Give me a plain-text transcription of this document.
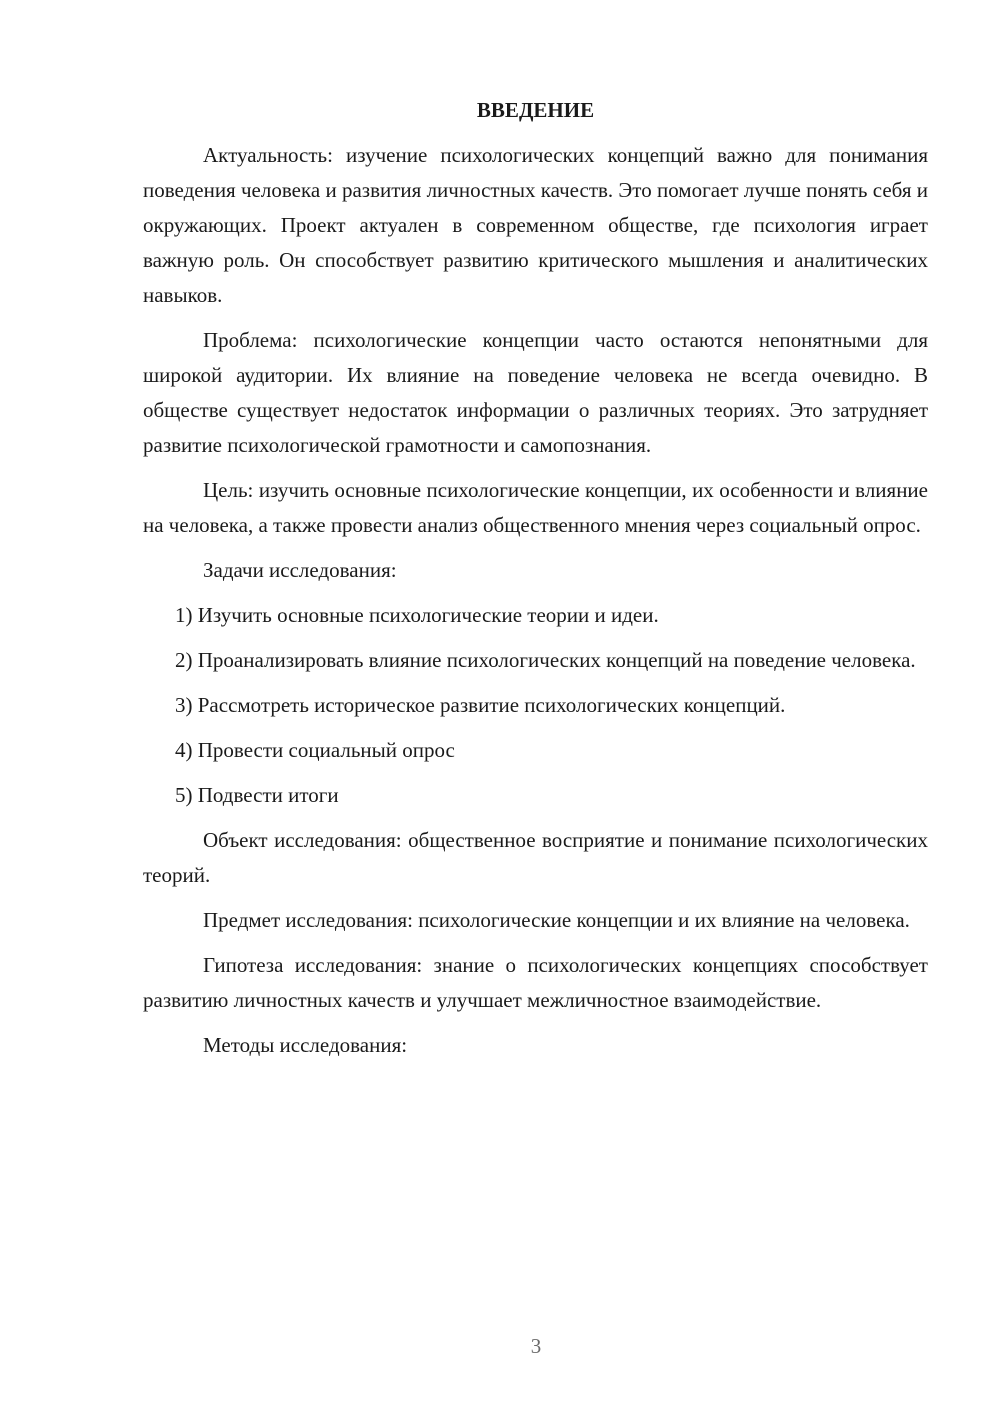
ВВЕДЕНИЕ

Актуальность: изучение психологических концепций важно для понимания поведения человека и развития личностных качеств. Это помогает лучше понять себя и окружающих. Проект актуален в современном обществе, где психология играет важную роль. Он способствует развитию критического мышления и аналитических навыков.

Проблема: психологические концепции часто остаются непонятными для широкой аудитории. Их влияние на поведение человека не всегда очевидно. В обществе существует недостаток информации о различных теориях. Это затрудняет развитие психологической грамотности и самопознания.

Цель: изучить основные психологические концепции, их особенности и влияние на человека, а также провести анализ общественного мнения через социальный опрос.

Задачи исследования:

1) Изучить основные психологические теории и идеи.

2) Проанализировать влияние психологических концепций на поведение человека.

3) Рассмотреть историческое развитие психологических концепций.

4) Провести социальный опрос

5) Подвести итоги

Объект исследования: общественное восприятие и понимание психологических теорий.

Предмет исследования: психологические концепции и их влияние на человека.

Гипотеза исследования: знание о психологических концепциях способствует развитию личностных качеств и улучшает межличностное взаимодействие.

Методы исследования:

3
